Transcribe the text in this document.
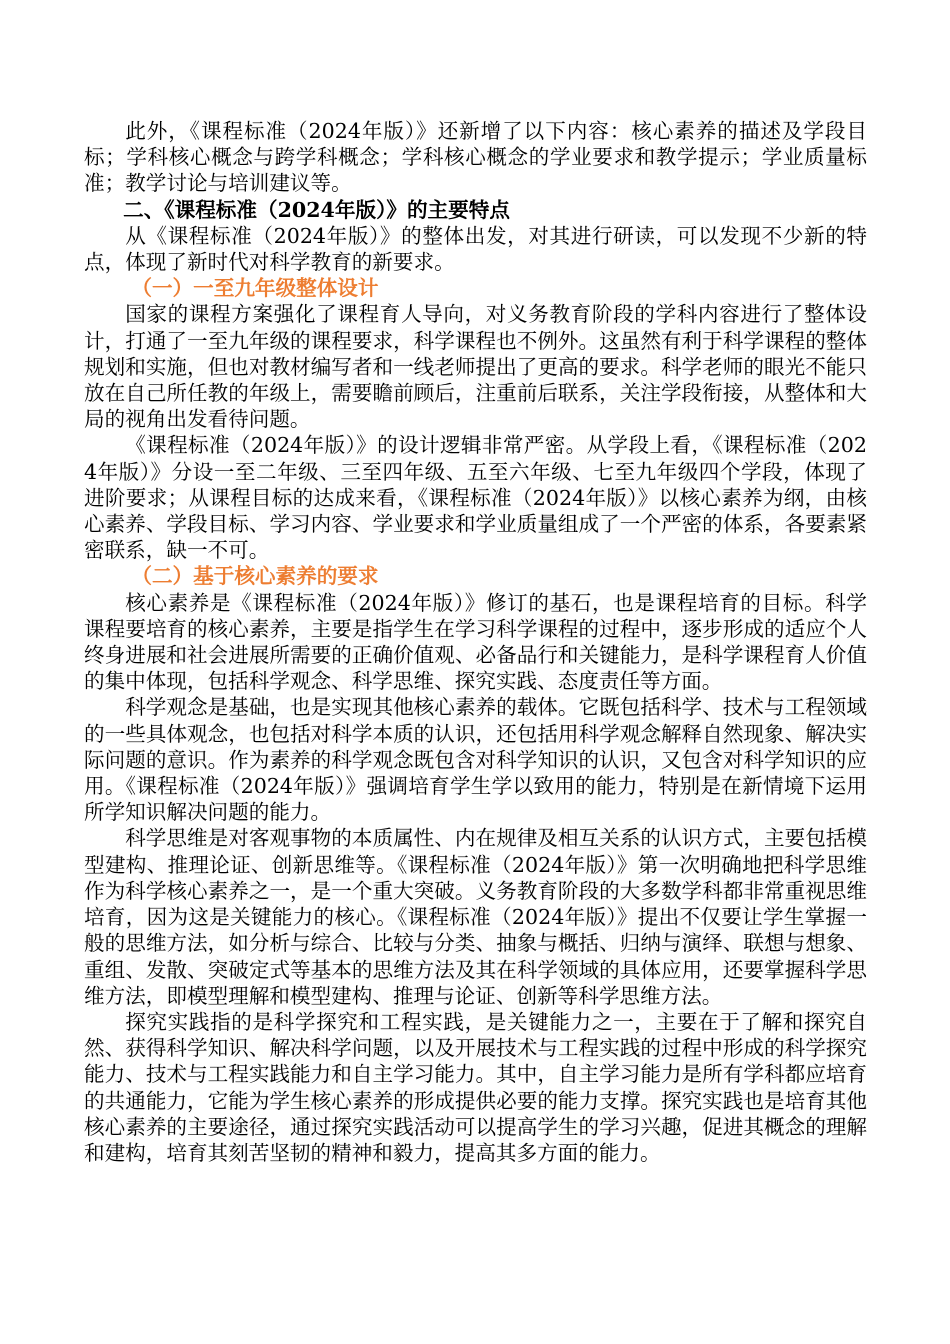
此外，《课程标准（2024年版）》还新增了以下内容：核心素养的描述及学段目标；学科核心概念与跨学科概念；学科核心概念的学业要求和教学提示；学业质量标准；教学讨论与培训建议等。

二、《课程标准（2024年版）》的主要特点

从《课程标准（2024年版）》的整体出发，对其进行研读，可以发现不少新的特点，体现了新时代对科学教育的新要求。

（一）一至九年级整体设计

国家的课程方案强化了课程育人导向，对义务教育阶段的学科内容进行了整体设计，打通了一至九年级的课程要求，科学课程也不例外。这虽然有利于科学课程的整体规划和实施，但也对教材编写者和一线老师提出了更高的要求。科学老师的眼光不能只放在自己所任教的年级上，需要瞻前顾后，注重前后联系，关注学段衔接，从整体和大局的视角出发看待问题。

《课程标准（2024年版）》的设计逻辑非常严密。从学段上看，《课程标准（2024年版）》分设一至二年级、三至四年级、五至六年级、七至九年级四个学段，体现了进阶要求；从课程目标的达成来看，《课程标准（2024年版）》以核心素养为纲，由核心素养、学段目标、学习内容、学业要求和学业质量组成了一个严密的体系，各要素紧密联系，缺一不可。

（二）基于核心素养的要求

核心素养是《课程标准（2024年版）》修订的基石，也是课程培育的目标。科学课程要培育的核心素养，主要是指学生在学习科学课程的过程中，逐步形成的适应个人终身进展和社会进展所需要的正确价值观、必备品行和关键能力，是科学课程育人价值的集中体现，包括科学观念、科学思维、探究实践、态度责任等方面。

科学观念是基础，也是实现其他核心素养的载体。它既包括科学、技术与工程领域的一些具体观念，也包括对科学本质的认识，还包括用科学观念解释自然现象、解决实际问题的意识。作为素养的科学观念既包含对科学知识的认识，又包含对科学知识的应用。《课程标准（2024年版）》强调培育学生学以致用的能力，特别是在新情境下运用所学知识解决问题的能力。

科学思维是对客观事物的本质属性、内在规律及相互关系的认识方式，主要包括模型建构、推理论证、创新思维等。《课程标准（2024年版）》第一次明确地把科学思维作为科学核心素养之一，是一个重大突破。义务教育阶段的大多数学科都非常重视思维培育，因为这是关键能力的核心。《课程标准（2024年版）》提出不仅要让学生掌握一般的思维方法，如分析与综合、比较与分类、抽象与概括、归纳与演绎、联想与想象、重组、发散、突破定式等基本的思维方法及其在科学领域的具体应用，还要掌握科学思维方法，即模型理解和模型建构、推理与论证、创新等科学思维方法。

探究实践指的是科学探究和工程实践，是关键能力之一，主要在于了解和探究自然、获得科学知识、解决科学问题，以及开展技术与工程实践的过程中形成的科学探究能力、技术与工程实践能力和自主学习能力。其中，自主学习能力是所有学科都应培育的共通能力，它能为学生核心素养的形成提供必要的能力支撑。探究实践也是培育其他核心素养的主要途径，通过探究实践活动可以提高学生的学习兴趣，促进其概念的理解和建构，培育其刻苦坚韧的精神和毅力，提高其多方面的能力。
